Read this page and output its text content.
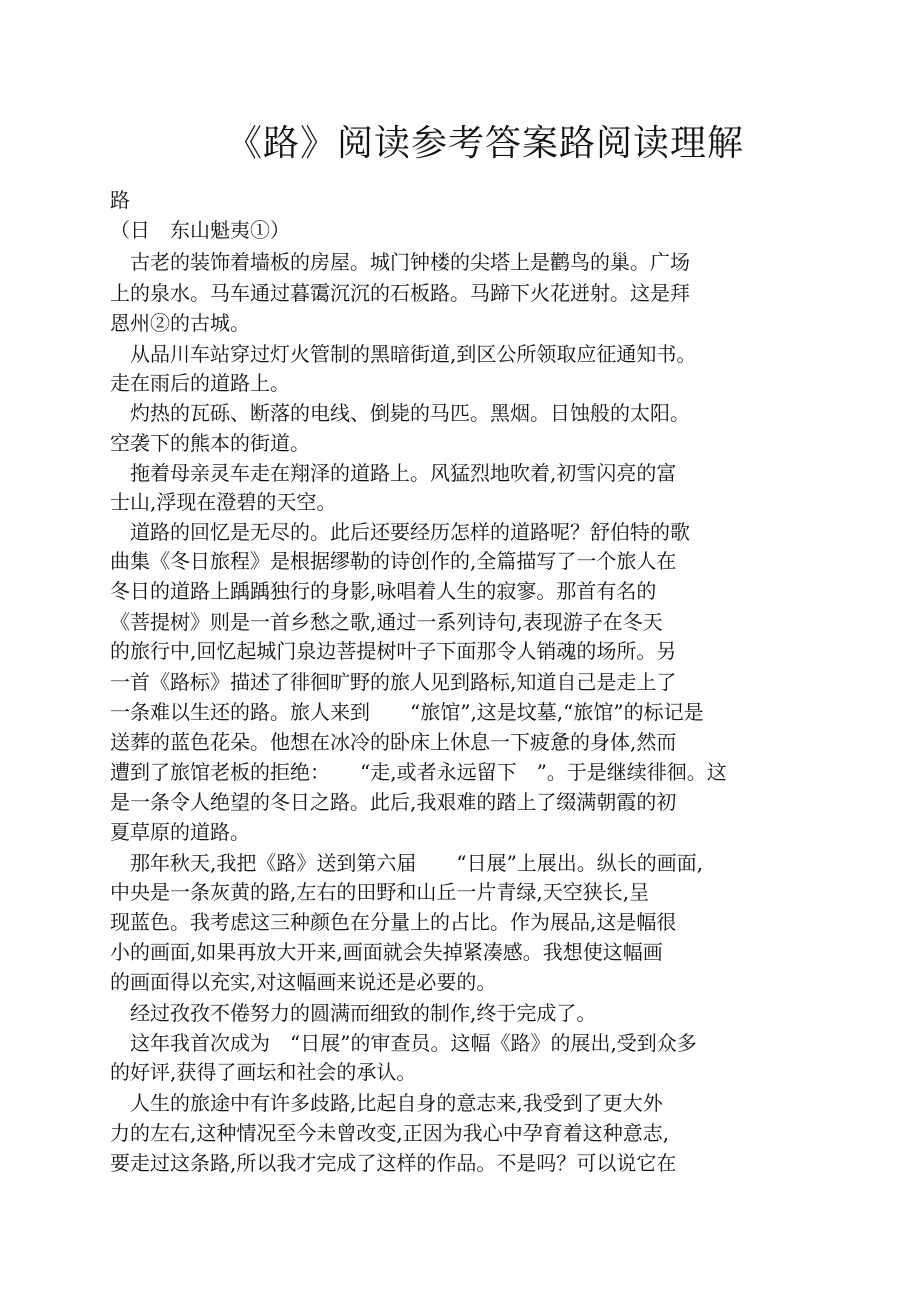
《路》阅读参考答案路阅读理解
路
（日　东山魁夷①）
　古老的装饰着墙板的房屋。城门钟楼的尖塔上是鹳鸟的巢。广场
上的泉水。马车通过暮霭沉沉的石板路。马蹄下火花迸射。这是拜
恩州②的古城。
　从品川车站穿过灯火管制的黑暗街道,到区公所领取应征通知书。
走在雨后的道路上。
　灼热的瓦砾、断落的电线、倒毙的马匹。黑烟。日蚀般的太阳。
空袭下的熊本的街道。
　拖着母亲灵车走在翔泽的道路上。风猛烈地吹着,初雪闪亮的富
士山,浮现在澄碧的天空。
　道路的回忆是无尽的。此后还要经历怎样的道路呢？舒伯特的歌
曲集《冬日旅程》是根据缪勒的诗创作的,全篇描写了一个旅人在
冬日的道路上踽踽独行的身影,咏唱着人生的寂寥。那首有名的
《菩提树》则是一首乡愁之歌,通过一系列诗句,表现游子在冬天
的旅行中,回忆起城门泉边菩提树叶子下面那令人销魂的场所。另
一首《路标》描述了徘徊旷野的旅人见到路标,知道自己是走上了
一条难以生还的路。旅人来到　　“旅馆”,这是坟墓,“旅馆”的标记是
送葬的蓝色花朵。他想在冰冷的卧床上休息一下疲惫的身体,然而
遭到了旅馆老板的拒绝：　　“走,或者永远留下　”。于是继续徘徊。这
是一条令人绝望的冬日之路。此后,我艰难的踏上了缀满朝霞的初
夏草原的道路。
　那年秋天,我把《路》送到第六届　　“日展”上展出。纵长的画面,
中央是一条灰黄的路,左右的田野和山丘一片青绿,天空狭长,呈
现蓝色。我考虑这三种颜色在分量上的占比。作为展品,这是幅很
小的画面,如果再放大开来,画面就会失掉紧凑感。我想使这幅画
的画面得以充实,对这幅画来说还是必要的。
　经过孜孜不倦努力的圆满而细致的制作,终于完成了。
　这年我首次成为　“日展”的审查员。这幅《路》的展出,受到众多
的好评,获得了画坛和社会的承认。
　人生的旅途中有许多歧路,比起自身的意志来,我受到了更大外
力的左右,这种情况至今未曾改变,正因为我心中孕育着这种意志,
要走过这条路,所以我才完成了这样的作品。不是吗？可以说它在
